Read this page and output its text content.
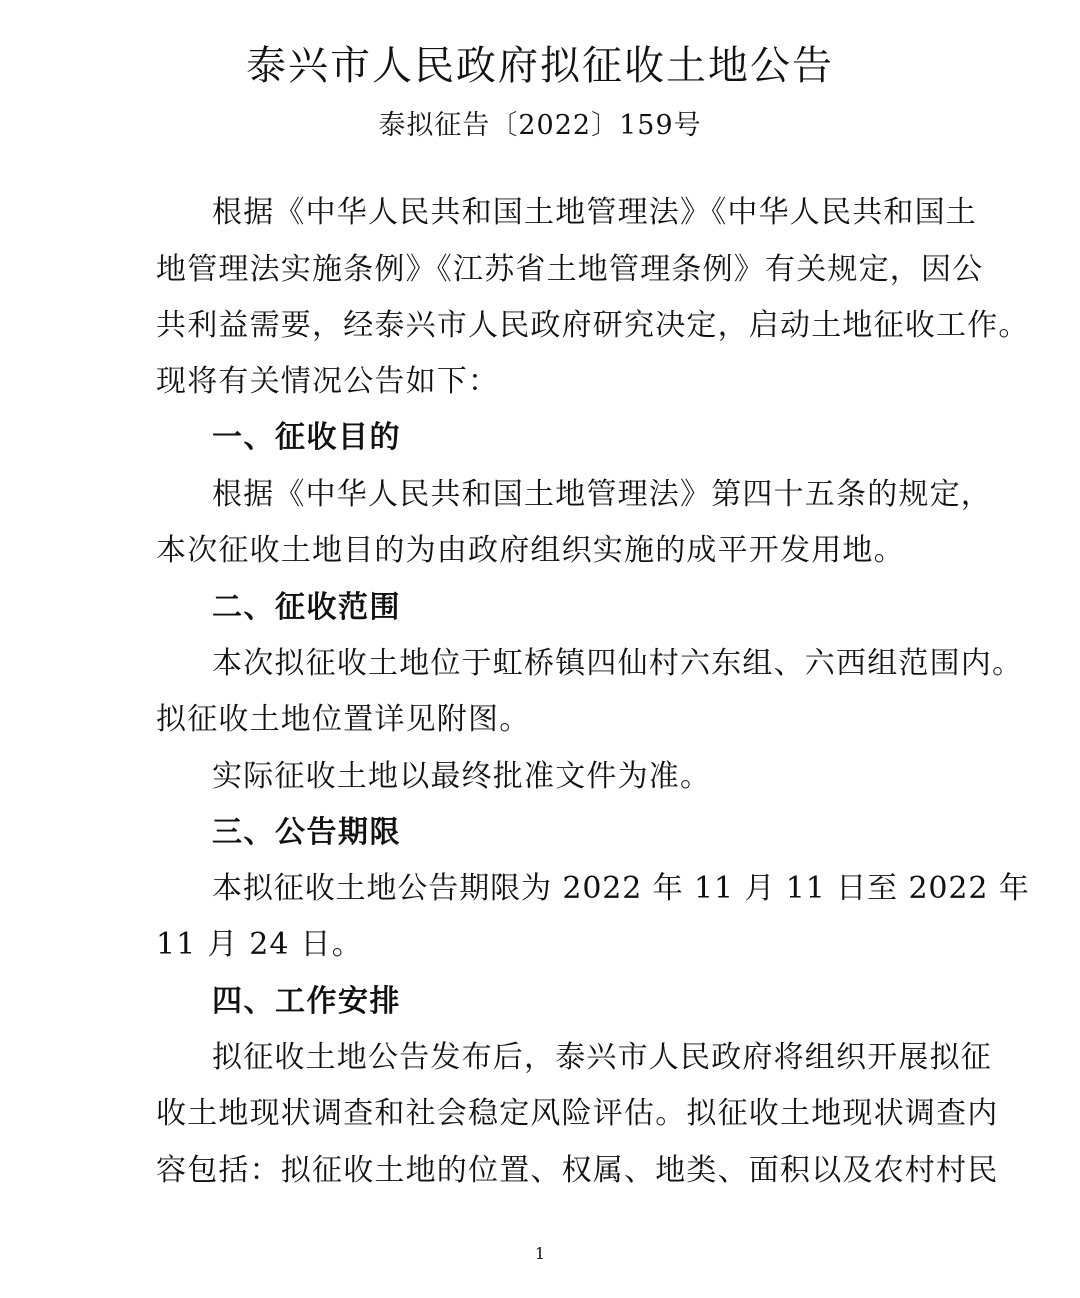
泰兴市人民政府拟征收土地公告
泰拟征告〔2022〕159号
根据《中华人民共和国土地管理法》《中华人民共和国土
地管理法实施条例》《江苏省土地管理条例》有关规定，因公
共利益需要，经泰兴市人民政府研究决定，启动土地征收工作。
现将有关情况公告如下：
一、征收目的
根据《中华人民共和国土地管理法》第四十五条的规定，
本次征收土地目的为由政府组织实施的成平开发用地。
二、征收范围
本次拟征收土地位于虹桥镇四仙村六东组、六西组范围内。
拟征收土地位置详见附图。
实际征收土地以最终批准文件为准。
三、公告期限
本拟征收土地公告期限为 2022 年 11 月 11 日至 2022 年
11 月 24 日。
四、工作安排
拟征收土地公告发布后，泰兴市人民政府将组织开展拟征
收土地现状调查和社会稳定风险评估。拟征收土地现状调查内
容包括：拟征收土地的位置、权属、地类、面积以及农村村民
1
